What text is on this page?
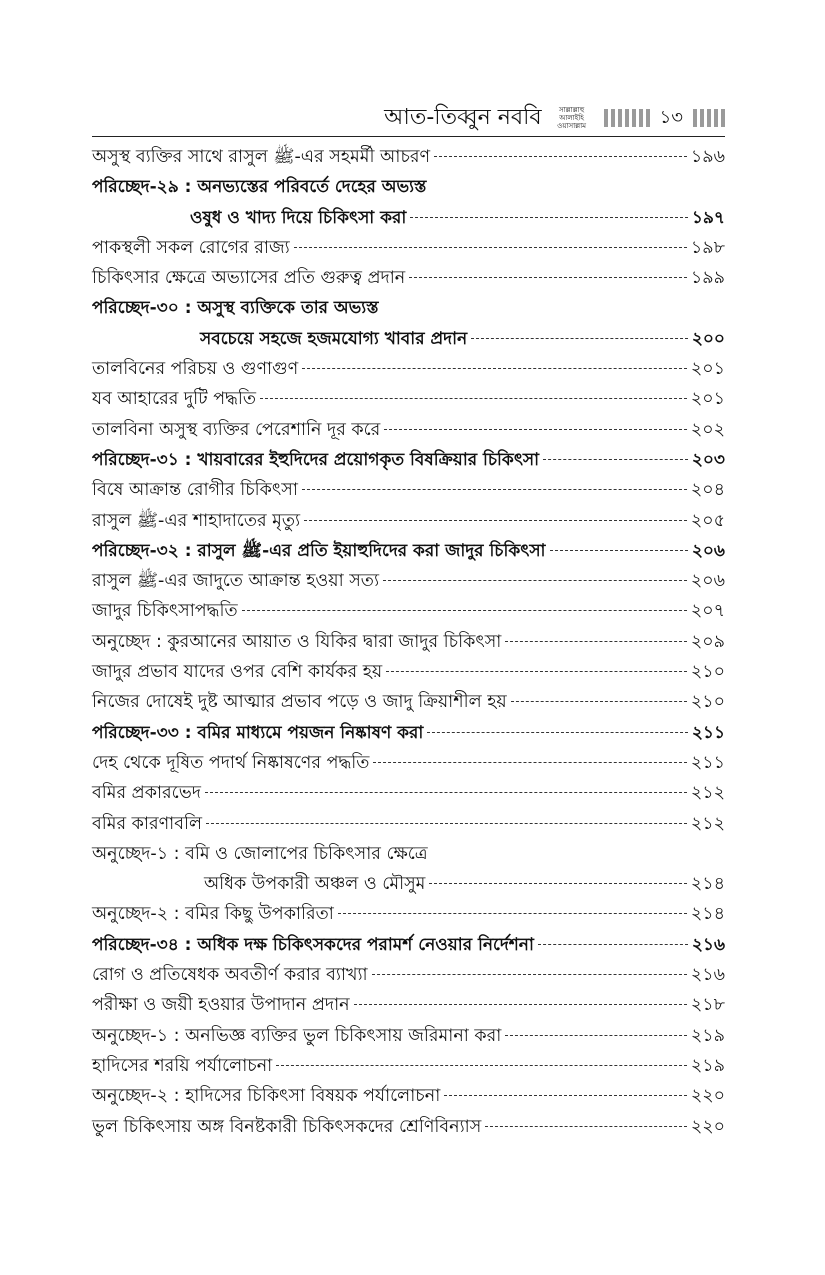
আত-তিব্বুন নববি	সাল্লাল্লাহু আলাইহি ওয়াসাল্লাম	১৩
অসুস্থ ব্যক্তির সাথে রাসুল ﷺ-এর সহমর্মী আচরণ	১৯৬
পরিচ্ছেদ-২৯ : অনভ্যস্তের পরিবর্তে দেহের অভ্যস্ত
ওষুধ ও খাদ্য দিয়ে চিকিৎসা করা	১৯৭
পাকস্থলী সকল রোগের রাজ্য	১৯৮
চিকিৎসার ক্ষেত্রে অভ্যাসের প্রতি গুরুত্ব প্রদান	১৯৯
পরিচ্ছেদ-৩০ : অসুস্থ ব্যক্তিকে তার অভ্যস্ত
সবচেয়ে সহজে হজমযোগ্য খাবার প্রদান	২০০
তালবিনের পরিচয় ও গুণাগুণ	২০১
যব আহারের দুটি পদ্ধতি	২০১
তালবিনা অসুস্থ ব্যক্তির পেরেশানি দূর করে	২০২
পরিচ্ছেদ-৩১ : খায়বারের ইহুদিদের প্রয়োগকৃত বিষক্রিয়ার চিকিৎসা	২০৩
বিষে আক্রান্ত রোগীর চিকিৎসা	২০৪
রাসুল ﷺ-এর শাহাদাতের মৃত্যু	২০৫
পরিচ্ছেদ-৩২ : রাসুল ﷺ-এর প্রতি ইয়াহুদিদের করা জাদুর চিকিৎসা	২০৬
রাসুল ﷺ-এর জাদুতে আক্রান্ত হওয়া সত্য	২০৬
জাদুর চিকিৎসাপদ্ধতি	২০৭
অনুচ্ছেদ : কুরআনের আয়াত ও যিকির দ্বারা জাদুর চিকিৎসা	২০৯
জাদুর প্রভাব যাদের ওপর বেশি কার্যকর হয়	২১০
নিজের দোষেই দুষ্ট আত্মার প্রভাব পড়ে ও জাদু ক্রিয়াশীল হয়	২১০
পরিচ্ছেদ-৩৩ : বমির মাধ্যমে পয়জন নিষ্কাষণ করা	২১১
দেহ থেকে দূষিত পদার্থ নিষ্কাষণের পদ্ধতি	২১১
বমির প্রকারভেদ	২১২
বমির কারণাবলি	২১২
অনুচ্ছেদ-১ : বমি ও জোলাপের চিকিৎসার ক্ষেত্রে
অধিক উপকারী অঞ্চল ও মৌসুম	২১৪
অনুচ্ছেদ-২ : বমির কিছু উপকারিতা	২১৪
পরিচ্ছেদ-৩৪ : অধিক দক্ষ চিকিৎসকদের পরামর্শ নেওয়ার নির্দেশনা	২১৬
রোগ ও প্রতিষেধক অবতীর্ণ করার ব্যাখ্যা	২১৬
পরীক্ষা ও জয়ী হওয়ার উপাদান প্রদান	২১৮
অনুচ্ছেদ-১ : অনভিজ্ঞ ব্যক্তির ভুল চিকিৎসায় জরিমানা করা	২১৯
হাদিসের শরয়ি পর্যালোচনা	২১৯
অনুচ্ছেদ-২ : হাদিসের চিকিৎসা বিষয়ক পর্যালোচনা	২২০
ভুল চিকিৎসায় অঙ্গ বিনষ্টকারী চিকিৎসকদের শ্রেণিবিন্যাস	২২০
